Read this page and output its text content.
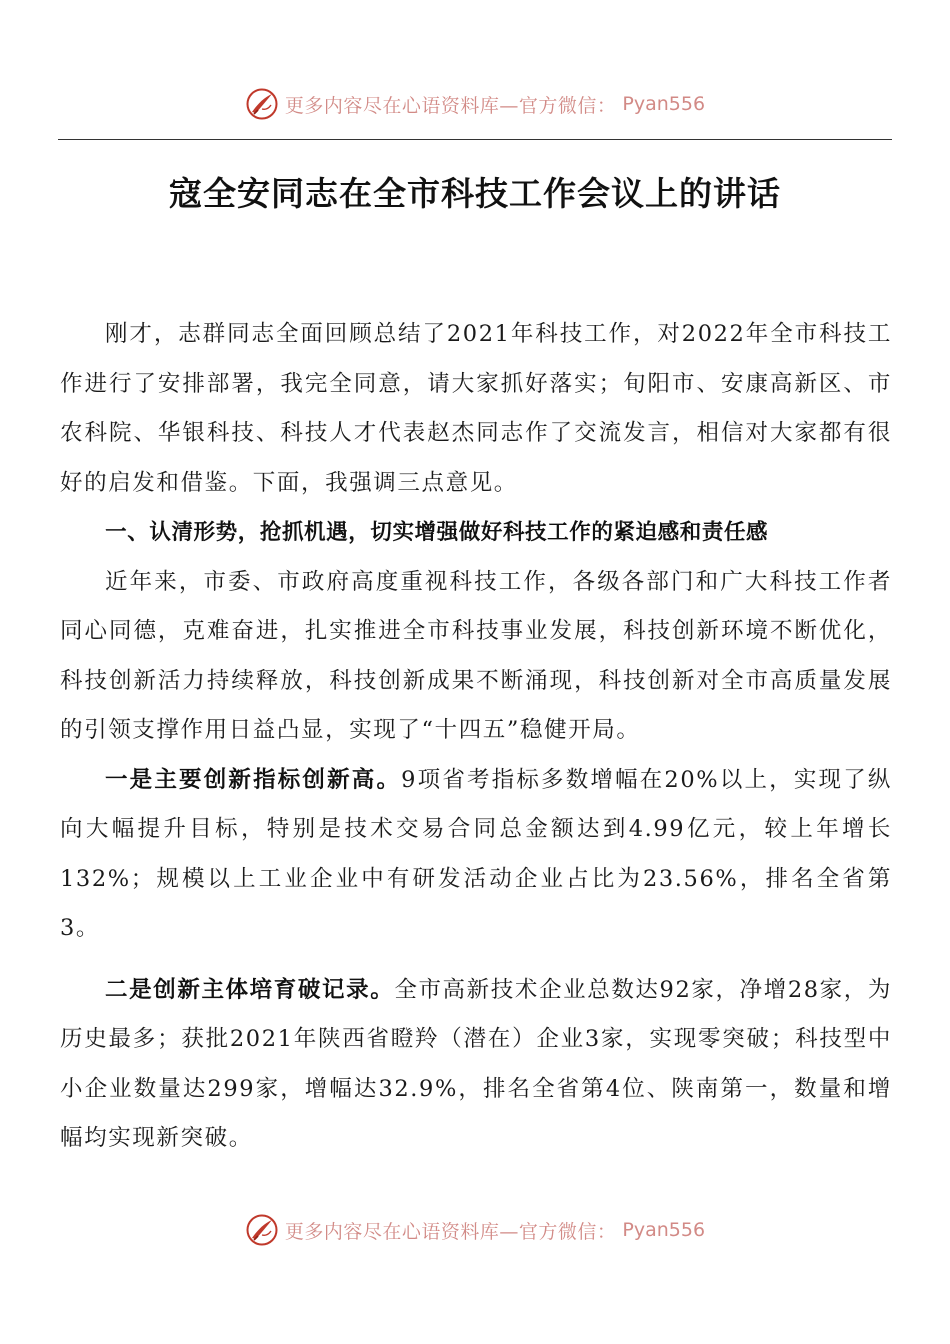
更多内容尽在心语资料库—官方微信： Pyan556
寇全安同志在全市科技工作会议上的讲话

刚才，志群同志全面回顾总结了2021年科技工作，对2022年全市科技工作进行了安排部署，我完全同意，请大家抓好落实；旬阳市、安康高新区、市农科院、华银科技、科技人才代表赵杰同志作了交流发言，相信对大家都有很好的启发和借鉴。下面，我强调三点意见。

一、认清形势，抢抓机遇，切实增强做好科技工作的紧迫感和责任感

近年来，市委、市政府高度重视科技工作，各级各部门和广大科技工作者同心同德，克难奋进，扎实推进全市科技事业发展，科技创新环境不断优化，科技创新活力持续释放，科技创新成果不断涌现，科技创新对全市高质量发展的引领支撑作用日益凸显，实现了“十四五”稳健开局。

一是主要创新指标创新高。9项省考指标多数增幅在20%以上，实现了纵向大幅提升目标，特别是技术交易合同总金额达到4.99亿元，较上年增长132%；规模以上工业企业中有研发活动企业占比为23.56%，排名全省第3。

二是创新主体培育破记录。全市高新技术企业总数达92家，净增28家，为历史最多；获批2021年陕西省瞪羚（潜在）企业3家，实现零突破；科技型中小企业数量达299家，增幅达32.9%，排名全省第4位、陕南第一，数量和增幅均实现新突破。

更多内容尽在心语资料库—官方微信： Pyan556
